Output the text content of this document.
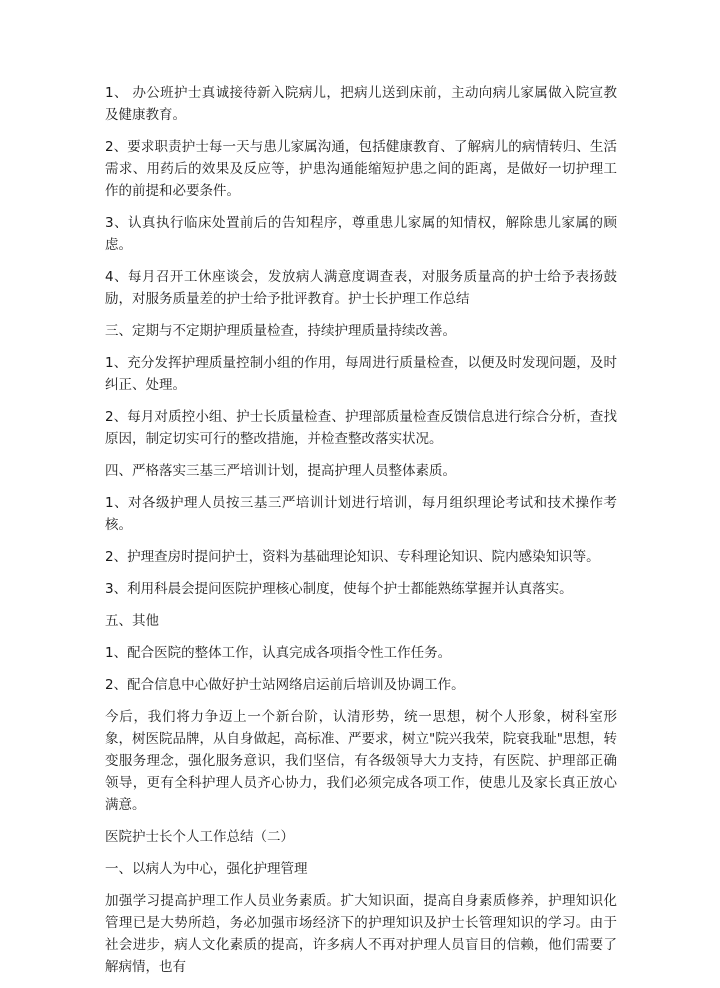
1、 办公班护士真诚接待新入院病儿，把病儿送到床前，主动向病儿家属做入院宣教及健康教育。

2、要求职责护士每一天与患儿家属沟通，包括健康教育、了解病儿的病情转归、生活需求、用药后的效果及反应等，护患沟通能缩短护患之间的距离，是做好一切护理工作的前提和必要条件。

3、认真执行临床处置前后的告知程序，尊重患儿家属的知情权，解除患儿家属的顾虑。

4、每月召开工休座谈会，发放病人满意度调查表，对服务质量高的护士给予表扬鼓励，对服务质量差的护士给予批评教育。护士长护理工作总结

三、定期与不定期护理质量检查，持续护理质量持续改善。

1、充分发挥护理质量控制小组的作用，每周进行质量检查，以便及时发现问题，及时纠正、处理。

2、每月对质控小组、护士长质量检查、护理部质量检查反馈信息进行综合分析，查找原因，制定切实可行的整改措施，并检查整改落实状况。

四、严格落实三基三严培训计划，提高护理人员整体素质。

1、对各级护理人员按三基三严培训计划进行培训，每月组织理论考试和技术操作考核。

2、护理查房时提问护士，资料为基础理论知识、专科理论知识、院内感染知识等。

3、利用科晨会提问医院护理核心制度，使每个护士都能熟练掌握并认真落实。

五、其他

1、配合医院的整体工作，认真完成各项指令性工作任务。

2、配合信息中心做好护士站网络启运前后培训及协调工作。

今后，我们将力争迈上一个新台阶，认清形势，统一思想，树个人形象，树科室形象，树医院品牌，从自身做起，高标准、严要求，树立"院兴我荣，院衰我耻"思想，转变服务理念，强化服务意识，我们坚信，有各级领导大力支持，有医院、护理部正确领导，更有全科护理人员齐心协力，我们必须完成各项工作，使患儿及家长真正放心满意。

医院护士长个人工作总结（二）

一、以病人为中心，强化护理管理

加强学习提高护理工作人员业务素质。扩大知识面，提高自身素质修养，护理知识化管理已是大势所趋，务必加强市场经济下的护理知识及护士长管理知识的学习。由于社会进步，病人文化素质的提高，许多病人不再对护理人员盲目的信赖，他们需要了解病情，也有
